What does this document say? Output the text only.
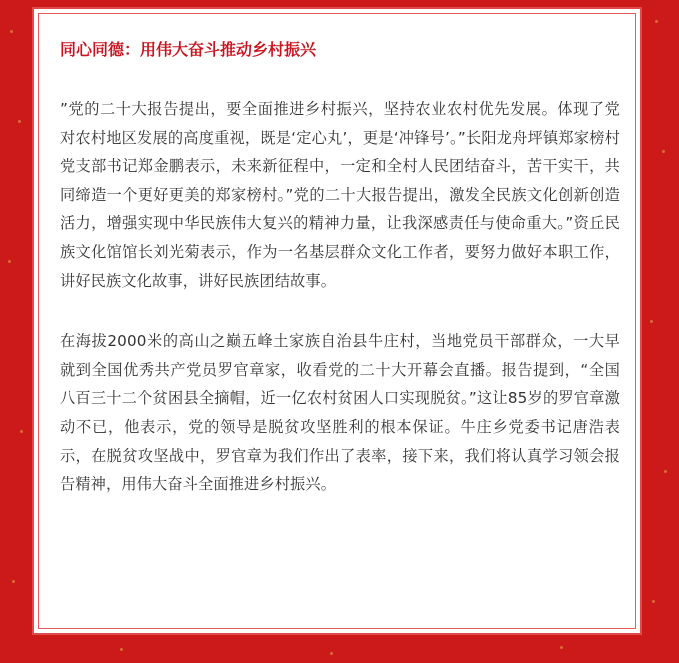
同心同德：用伟大奋斗推动乡村振兴

”党的二十大报告提出，要全面推进乡村振兴，坚持农业农村优先发展。体现了党对农村地区发展的高度重视，既是‘定心丸’，更是‘冲锋号’。”长阳龙舟坪镇郑家榜村党支部书记郑金鹏表示，未来新征程中，一定和全村人民团结奋斗，苦干实干，共同缔造一个更好更美的郑家榜村。”党的二十大报告提出，激发全民族文化创新创造活力，增强实现中华民族伟大复兴的精神力量，让我深感责任与使命重大。”资丘民族文化馆馆长刘光菊表示，作为一名基层群众文化工作者，要努力做好本职工作，讲好民族文化故事，讲好民族团结故事。

在海拔2000米的高山之巅五峰土家族自治县牛庄村，当地党员干部群众，一大早就到全国优秀共产党员罗官章家，收看党的二十大开幕会直播。报告提到，“全国八百三十二个贫困县全摘帽，近一亿农村贫困人口实现脱贫。”这让85岁的罗官章激动不已，他表示，党的领导是脱贫攻坚胜利的根本保证。牛庄乡党委书记唐浩表示，在脱贫攻坚战中，罗官章为我们作出了表率，接下来，我们将认真学习领会报告精神，用伟大奋斗全面推进乡村振兴。
